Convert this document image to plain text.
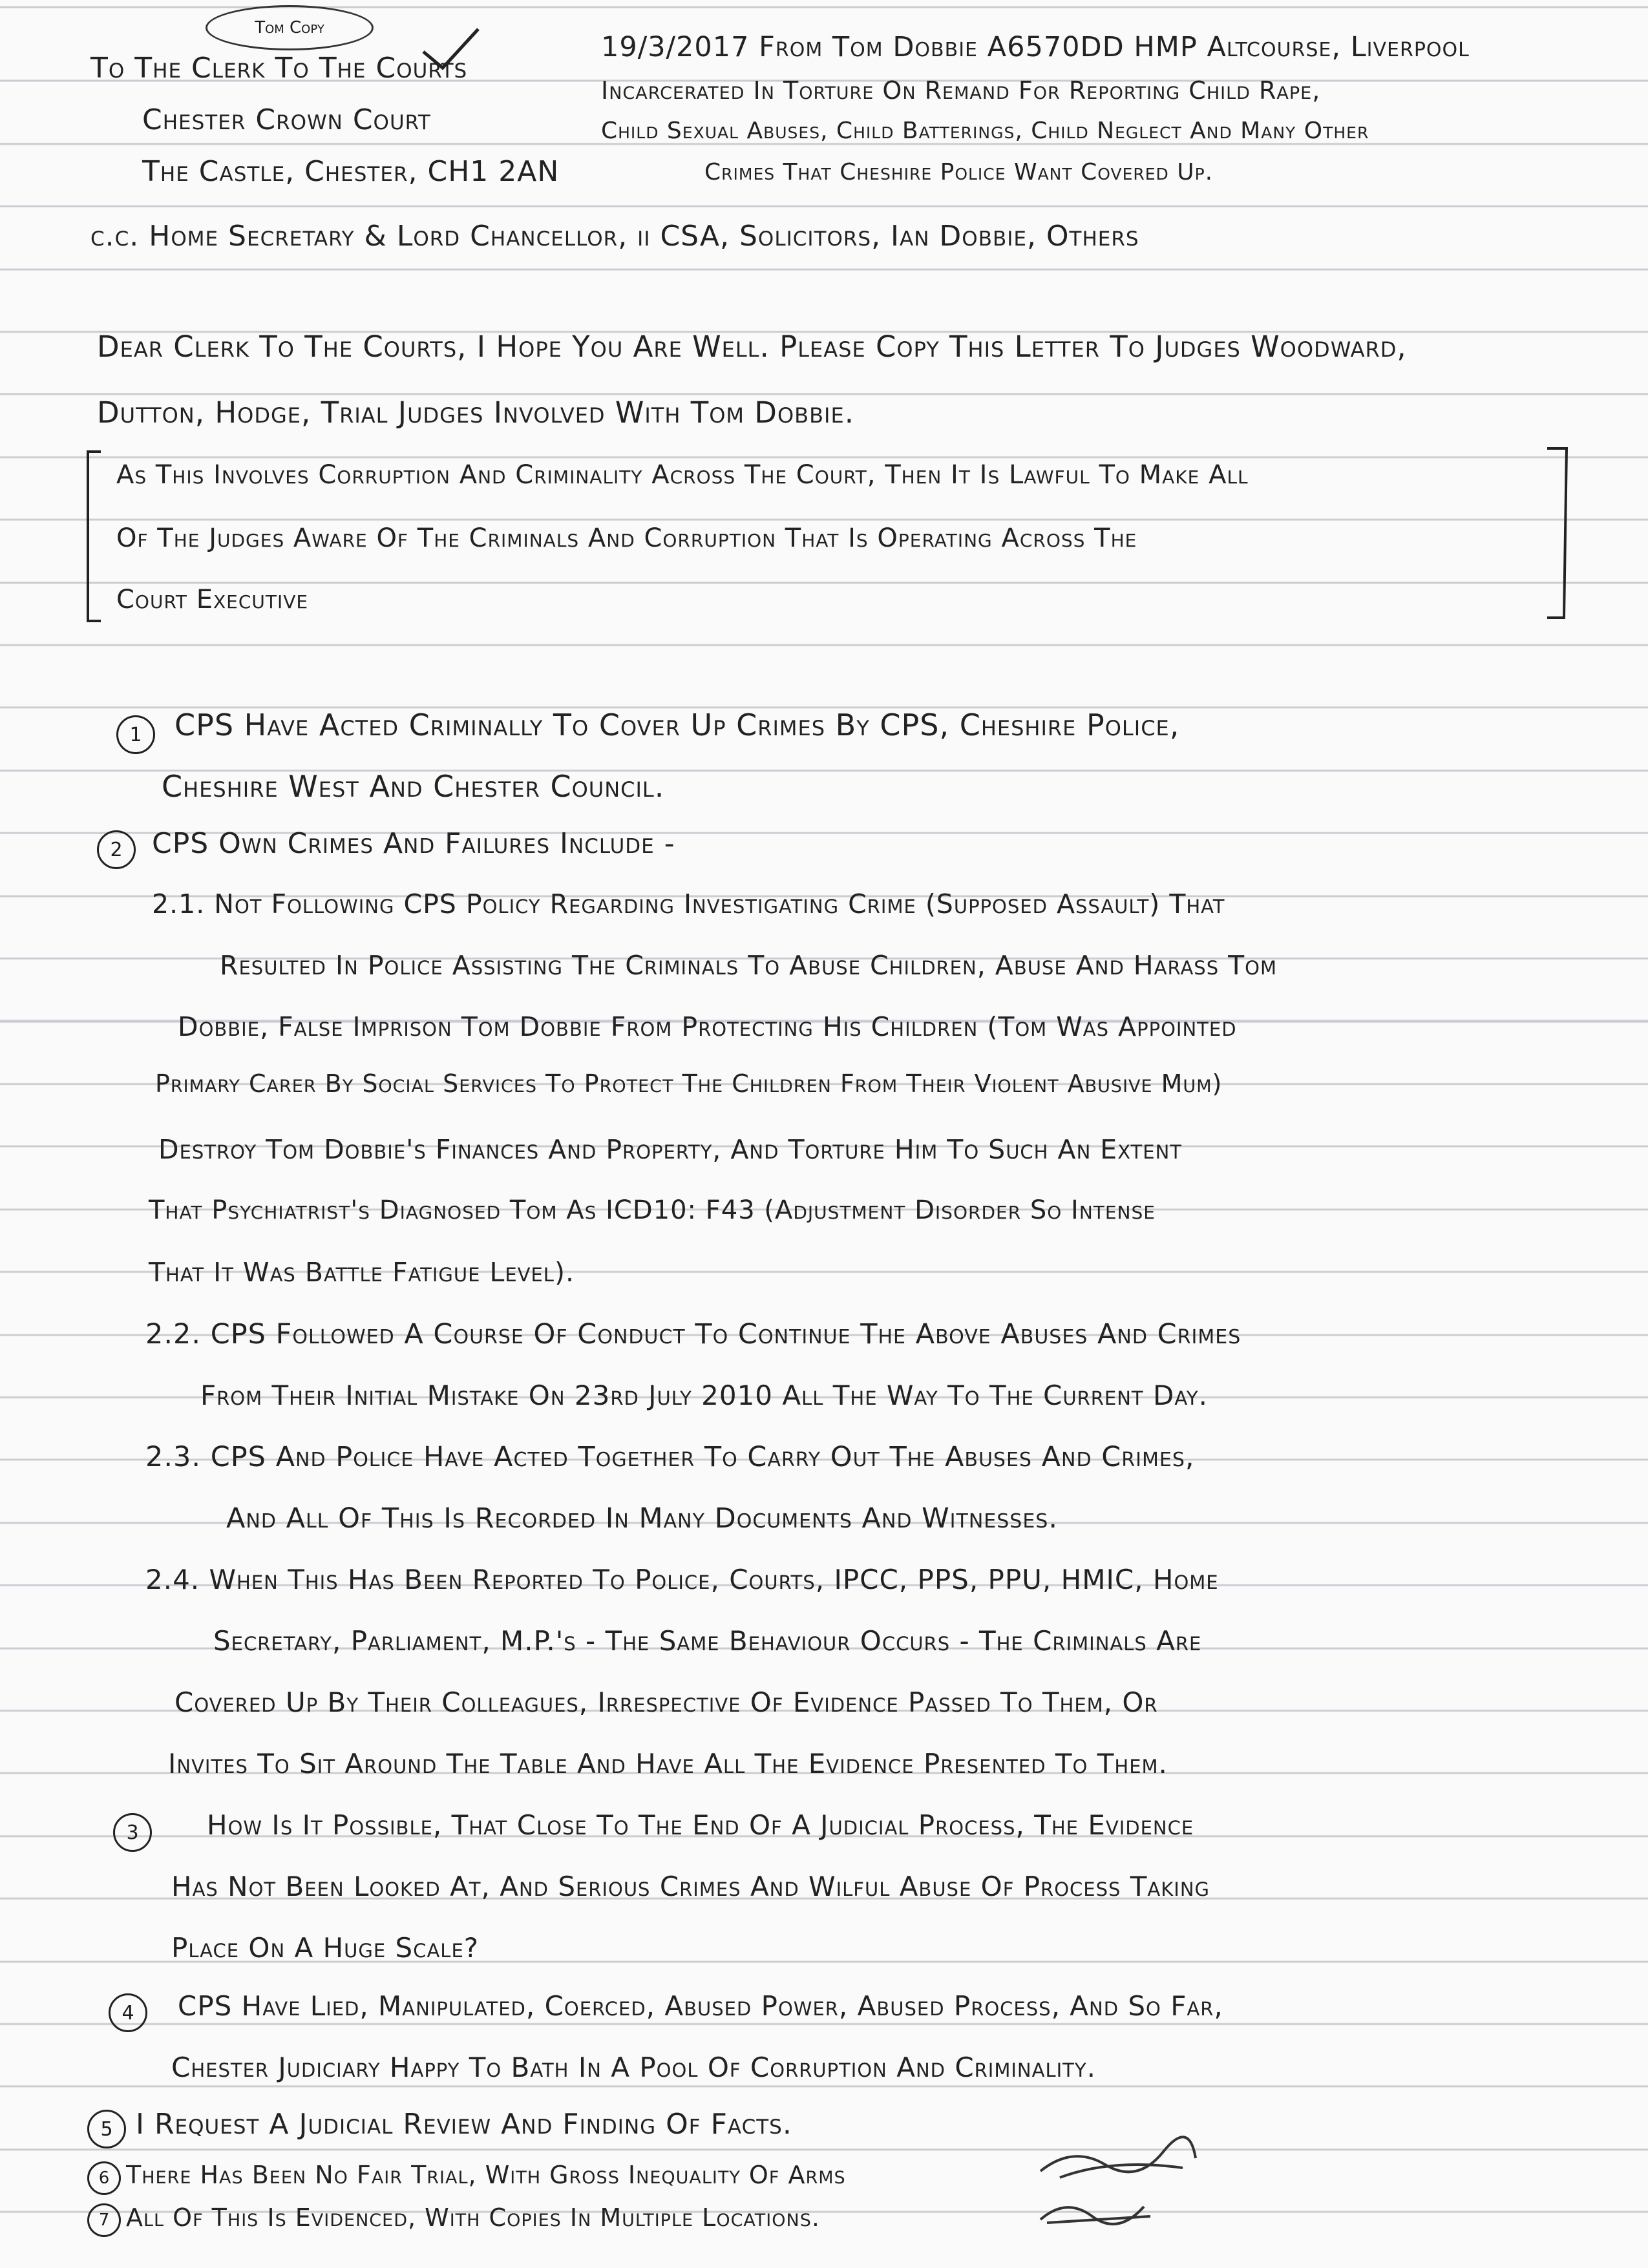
Tom Copy
To The Clerk To The Courts
Chester Crown Court
The Castle, Chester, CH1 2AN
19/3/2017 From Tom Dobbie A6570DD HMP Altcourse, Liverpool
Incarcerated In Torture On Remand For Reporting Child Rape,
Child Sexual Abuses, Child Batterings, Child Neglect And Many Other
Crimes That Cheshire Police Want Covered Up.
c.c. Home Secretary & Lord Chancellor, ii CSA, Solicitors, Ian Dobbie, Others
Dear Clerk To The Courts, I Hope You Are Well. Please Copy This Letter To Judges Woodward,
Dutton, Hodge, Trial Judges Involved With Tom Dobbie.
As This Involves Corruption And Criminality Across The Court, Then It Is Lawful To Make All
Of The Judges Aware Of The Criminals And Corruption That Is Operating Across The
Court Executive
1 CPS Have Acted Criminally To Cover Up Crimes By CPS, Cheshire Police,
Cheshire West And Chester Council.
2 CPS Own Crimes And Failures Include -
2.1. Not Following CPS Policy Regarding Investigating Crime (Supposed Assault) That
Resulted In Police Assisting The Criminals To Abuse Children, Abuse And Harass Tom
Dobbie, False Imprison Tom Dobbie From Protecting His Children (Tom Was Appointed
Primary Carer By Social Services To Protect The Children From Their Violent Abusive Mum)
Destroy Tom Dobbie's Finances And Property, And Torture Him To Such An Extent
That Psychiatrist's Diagnosed Tom As ICD10: F43 (Adjustment Disorder So Intense
That It Was Battle Fatigue Level).
2.2. CPS Followed A Course Of Conduct To Continue The Above Abuses And Crimes
From Their Initial Mistake On 23rd July 2010 All The Way To The Current Day.
2.3. CPS And Police Have Acted Together To Carry Out The Abuses And Crimes,
And All Of This Is Recorded In Many Documents And Witnesses.
2.4. When This Has Been Reported To Police, Courts, IPCC, PPS, PPU, HMIC, Home
Secretary, Parliament, M.P.'s - The Same Behaviour Occurs - The Criminals Are
Covered Up By Their Colleagues, Irrespective Of Evidence Passed To Them, Or
Invites To Sit Around The Table And Have All The Evidence Presented To Them.
3	How Is It Possible, That Close To The End Of A Judicial Process, The Evidence
Has Not Been Looked At, And Serious Crimes And Wilful Abuse Of Process Taking
Place On A Huge Scale?
4 CPS Have Lied, Manipulated, Coerced, Abused Power, Abused Process, And So Far,
Chester Judiciary Happy To Bath In A Pool Of Corruption And Criminality.
5 I Request A Judicial Review And Finding Of Facts.
6 There Has Been No Fair Trial, With Gross Inequality Of Arms
7 All Of This Is Evidenced, With Copies In Multiple Locations.
